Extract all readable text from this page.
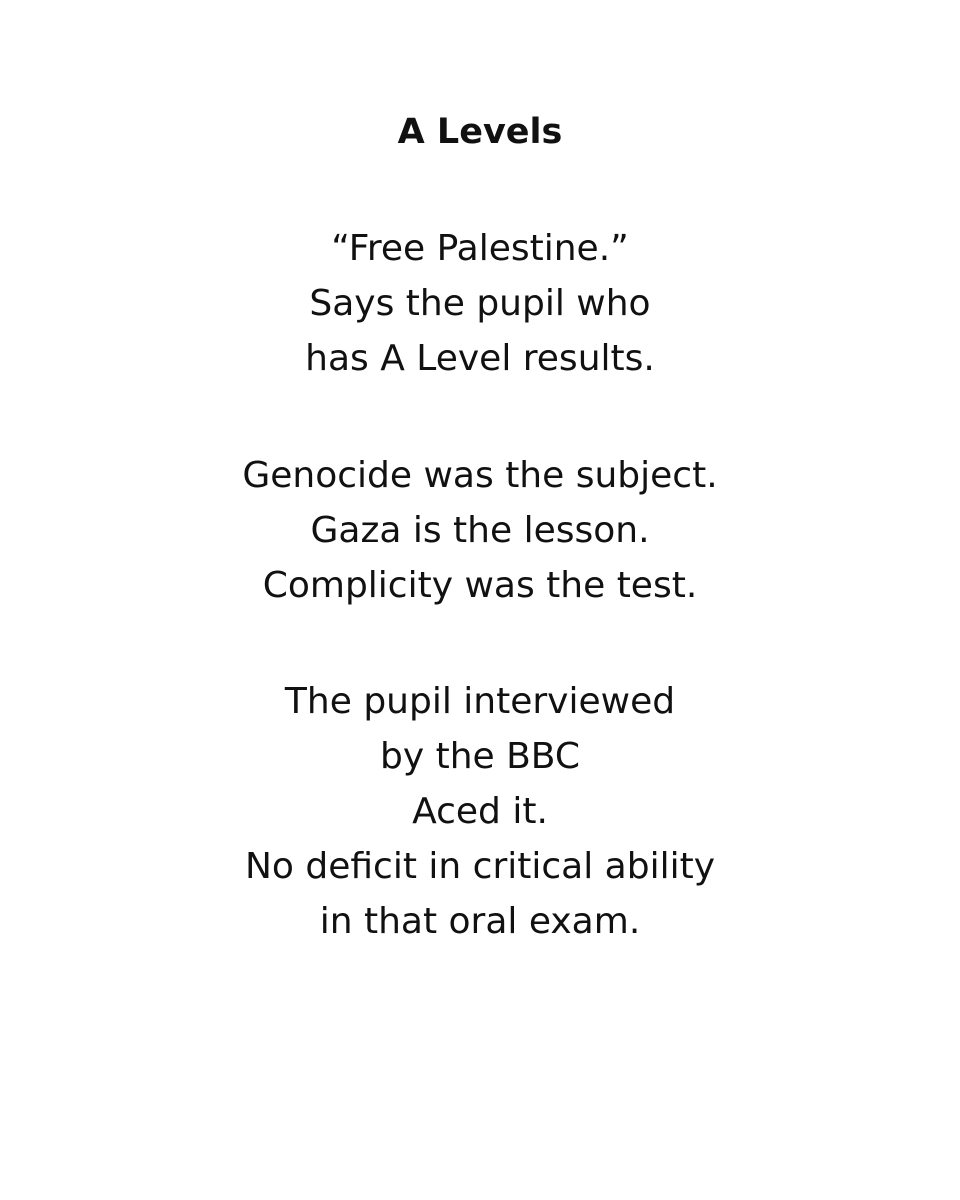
A Levels
“Free Palestine.”
Says the pupil who
has A Level results.
Genocide was the subject.
Gaza is the lesson.
Complicity was the test.
The pupil interviewed
by the BBC
Aced it.
No deficit in critical ability
in that oral exam.
